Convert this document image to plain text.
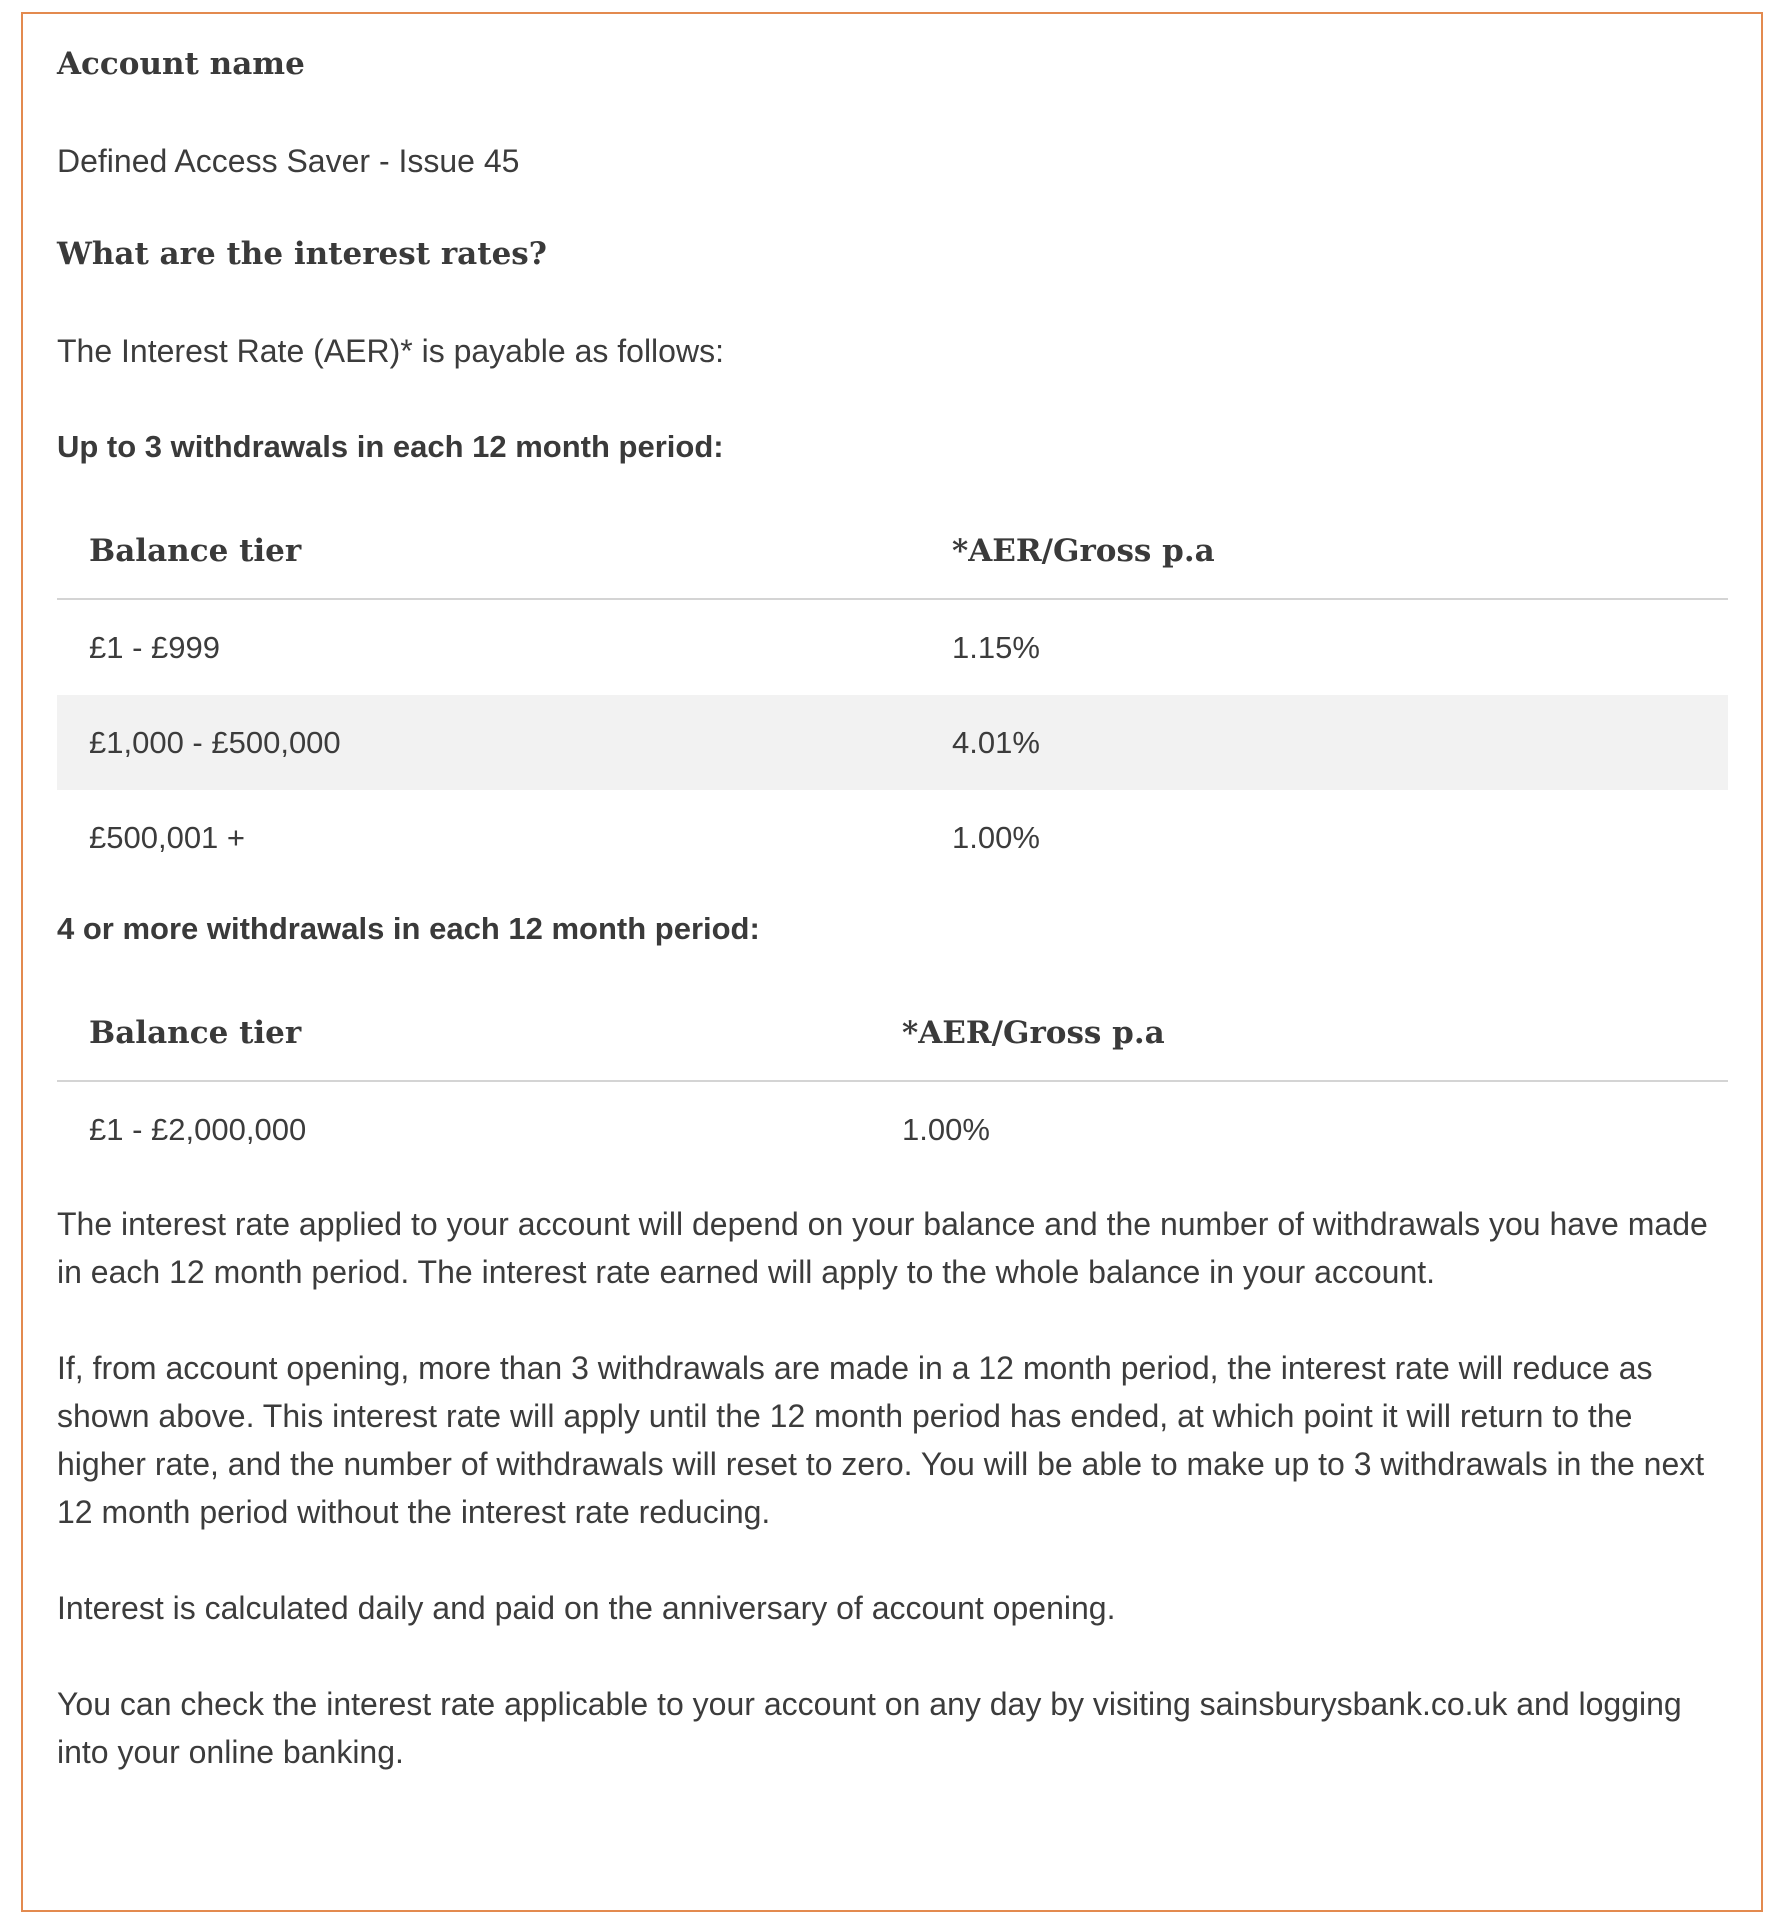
Account name

Defined Access Saver - Issue 45

What are the interest rates?

The Interest Rate (AER)* is payable as follows:

Up to 3 withdrawals in each 12 month period:

Balance tier	*AER/Gross p.a
£1 - £999	1.15%
£1,000 - £500,000	4.01%
£500,001 +	1.00%

4 or more withdrawals in each 12 month period:

Balance tier	*AER/Gross p.a
£1 - £2,000,000	1.00%

The interest rate applied to your account will depend on your balance and the number of withdrawals you have made in each 12 month period. The interest rate earned will apply to the whole balance in your account.

If, from account opening, more than 3 withdrawals are made in a 12 month period, the interest rate will reduce as shown above. This interest rate will apply until the 12 month period has ended, at which point it will return to the higher rate, and the number of withdrawals will reset to zero. You will be able to make up to 3 withdrawals in the next 12 month period without the interest rate reducing.

Interest is calculated daily and paid on the anniversary of account opening.

You can check the interest rate applicable to your account on any day by visiting sainsburysbank.co.uk and logging into your online banking.
